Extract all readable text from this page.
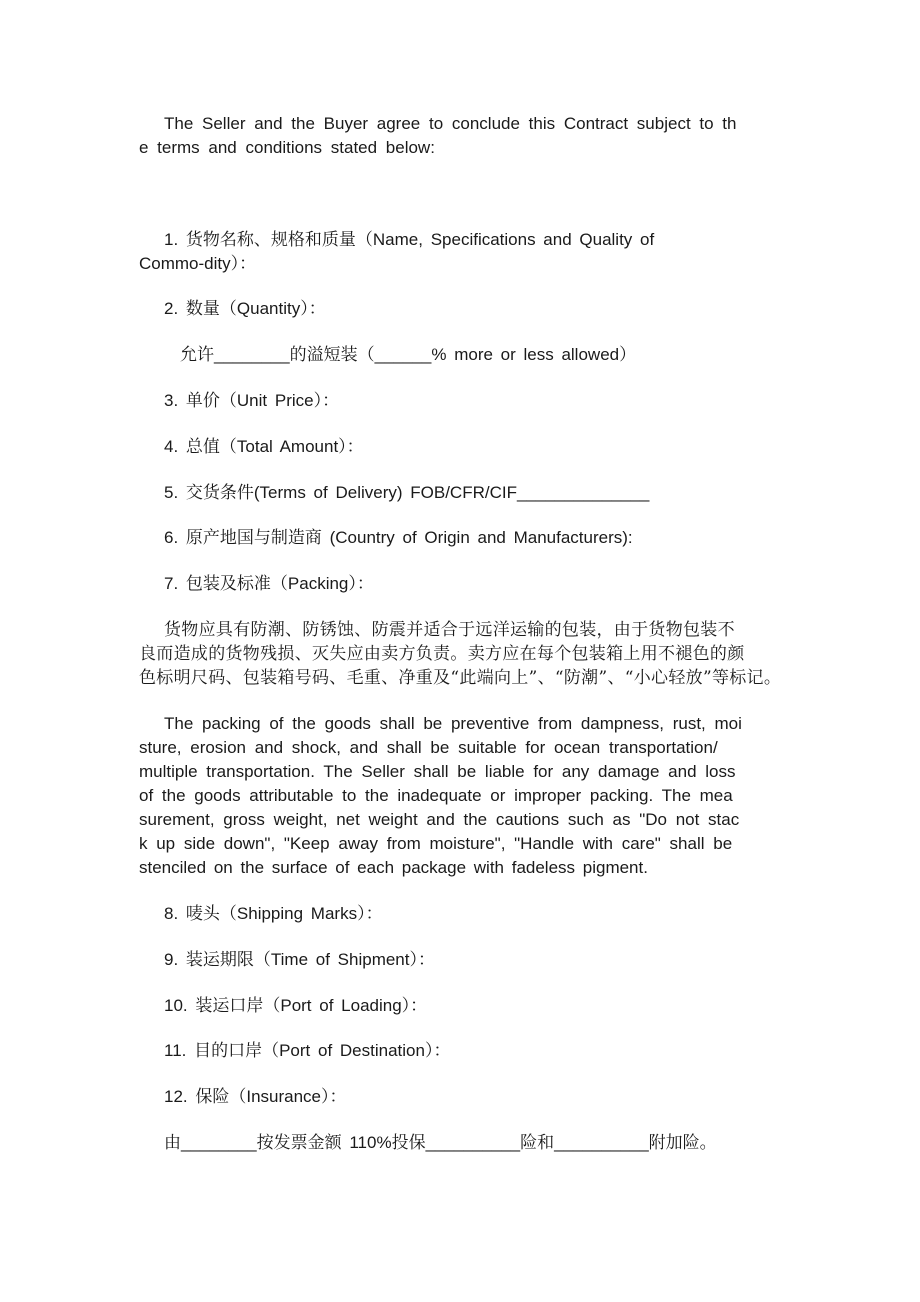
The Seller and the Buyer agree to conclude this Contract subject to th
e terms and conditions stated below:
1. 货物名称、规格和质量（Name, Specifications and Quality of
Commo-dity）：
2. 数量（Quantity）：
允许________的溢短装（______% more or less allowed）
3. 单价（Unit Price）：
4. 总值（Total Amount）：
5. 交货条件(Terms of Delivery) FOB/CFR/CIF______________
6. 原产地国与制造商 (Country of Origin and Manufacturers):
7. 包装及标准（Packing）：
货物应具有防潮、防锈蚀、防震并适合于远洋运输的包装，由于货物包装不
良而造成的货物残损、灭失应由卖方负责。卖方应在每个包装箱上用不褪色的颜
色标明尺码、包装箱号码、毛重、净重及“此端向上”、“防潮”、“小心轻放”等标记。
The packing of the goods shall be preventive from dampness, rust, moi
sture, erosion and shock, and shall be suitable for ocean transportation/
multiple transportation. The Seller shall be liable for any damage and loss
of the goods attributable to the inadequate or improper packing. The mea
surement, gross weight, net weight and the cautions such as "Do not stac
k up side down", "Keep away from moisture", "Handle with care" shall be
stenciled on the surface of each package with fadeless pigment.
8. 唛头（Shipping Marks）：
9. 装运期限（Time of Shipment）：
10. 装运口岸（Port of Loading）：
11. 目的口岸（Port of Destination）：
12. 保险（Insurance）：
由________按发票金额 110%投保__________险和__________附加险。
